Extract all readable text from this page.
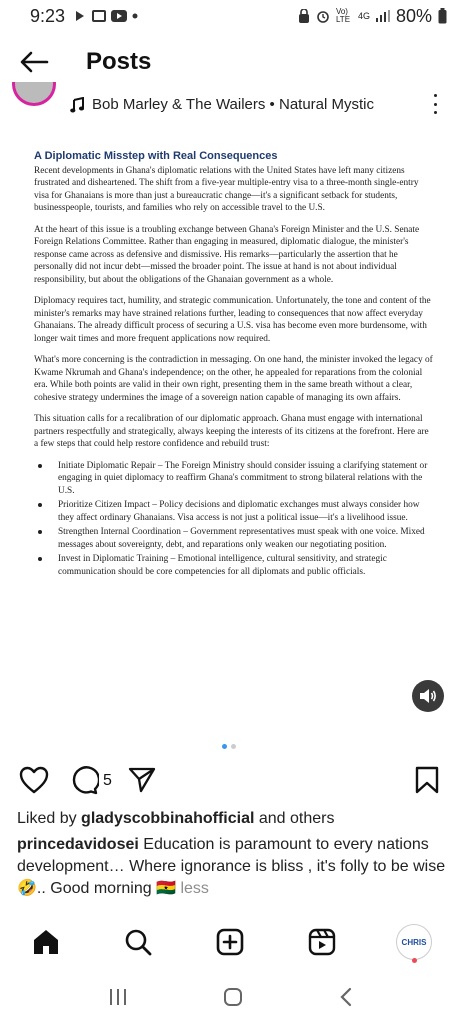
9:23	Vo) LTE 4G 80%
Posts
Bob Marley & The Wailers • Natural Mystic
A Diplomatic Misstep with Real Consequences

Recent developments in Ghana's diplomatic relations with the United States have left many citizens frustrated and disheartened. The shift from a five-year multiple-entry visa to a three-month single-entry visa for Ghanaians is more than just a bureaucratic change—it's a significant setback for students, businesspeople, tourists, and families who rely on accessible travel to the U.S.

At the heart of this issue is a troubling exchange between Ghana's Foreign Minister and the U.S. Senate Foreign Relations Committee. Rather than engaging in measured, diplomatic dialogue, the minister's response came across as defensive and dismissive. His remarks—particularly the assertion that he personally did not incur debt—missed the broader point. The issue at hand is not about individual responsibility, but about the obligations of the Ghanaian government as a whole.

Diplomacy requires tact, humility, and strategic communication. Unfortunately, the tone and content of the minister's remarks may have strained relations further, leading to consequences that now affect everyday Ghanaians. The already difficult process of securing a U.S. visa has become even more burdensome, with longer wait times and more frequent applications now required.

What's more concerning is the contradiction in messaging. On one hand, the minister invoked the legacy of Kwame Nkrumah and Ghana's independence; on the other, he appealed for reparations from the colonial era. While both points are valid in their own right, presenting them in the same breath without a clear, cohesive strategy undermines the image of a sovereign nation capable of managing its own affairs.

This situation calls for a recalibration of our diplomatic approach. Ghana must engage with international partners respectfully and strategically, always keeping the interests of its citizens at the forefront. Here are a few steps that could help restore confidence and rebuild trust:

Initiate Diplomatic Repair – The Foreign Ministry should consider issuing a clarifying statement or engaging in quiet diplomacy to reaffirm Ghana's commitment to strong bilateral relations with the U.S.
Prioritize Citizen Impact – Policy decisions and diplomatic exchanges must always consider how they affect ordinary Ghanaians. Visa access is not just a political issue—it's a livelihood issue.
Strengthen Internal Coordination – Government representatives must speak with one voice. Mixed messages about sovereignty, debt, and reparations only weaken our negotiating position.
Invest in Diplomatic Training – Emotional intelligence, cultural sensitivity, and strategic communication should be core competencies for all diplomats and public officials.
5
Liked by gladyscobbinahofficial and others
princedavidosei Education is paramount to every nations development… Where ignorance is bliss , it's folly to be wise 🤣.. Good morning 🇬🇭 less
CHRIS
